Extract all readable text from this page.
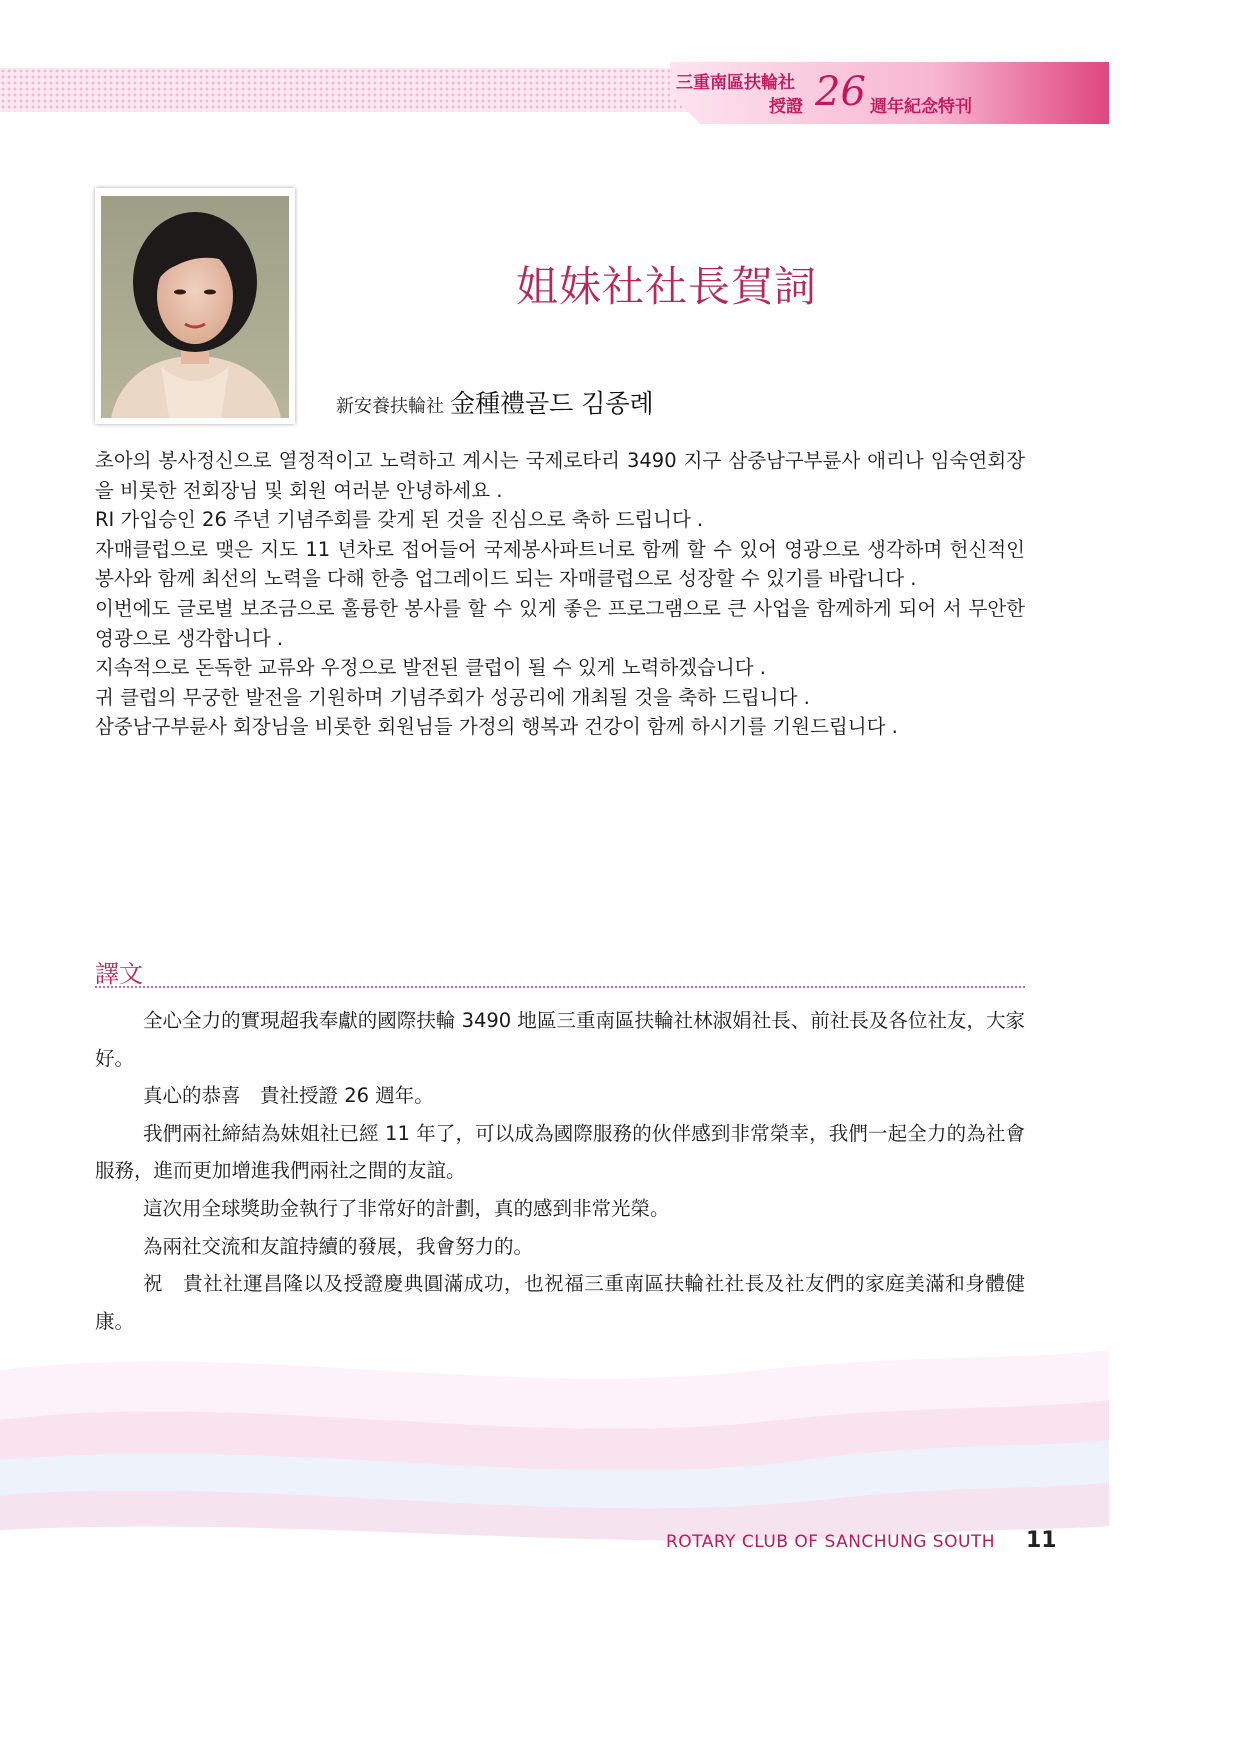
三重南區扶輪社
授證 26 週年紀念特刊
姐妹社社長賀詞
新安養扶輪社 金種禮골드 김종례

초아의 봉사정신으로 열정적이고 노력하고 계시는 국제로타리 3490 지구 삼중남구부륜사 애리나 임숙연회장을 비롯한 전회장님 및 회원 여러분 안녕하세요 .

RI 가입승인 26 주년 기념주회를 갖게 된 것을 진심으로 축하 드립니다 .

자매클럽으로 맺은 지도 11 년차로 접어들어 국제봉사파트너로 함께 할 수 있어 영광으로 생각하며 헌신적인 봉사와 함께 최선의 노력을 다해 한층 업그레이드 되는 자매클럽으로 성장할 수 있기를 바랍니다 .

이번에도 글로벌 보조금으로 훌륭한 봉사를 할 수 있게 좋은 프로그램으로 큰 사업을 함께하게 되어 서 무안한 영광으로 생각합니다 .

지속적으로 돈독한 교류와 우정으로 발전된 클럽이 될 수 있게 노력하겠습니다 .

귀 클럽의 무궁한 발전을 기원하며 기념주회가 성공리에 개최될 것을 축하 드립니다 .

삼중남구부륜사 회장님을 비롯한 회원님들 가정의 행복과 건강이 함께 하시기를 기원드립니다 .

譯文

全心全力的實現超我奉獻的國際扶輪 3490 地區三重南區扶輪社林淑娟社長、前社長及各位社友，大家好。

真心的恭喜　貴社授證 26 週年。

我們兩社締結為妹姐社已經 11 年了，可以成為國際服務的伙伴感到非常榮幸，我們一起全力的為社會服務，進而更加增進我們兩社之間的友誼。

這次用全球獎助金執行了非常好的計劃，真的感到非常光榮。

為兩社交流和友誼持續的發展，我會努力的。

祝　貴社社運昌隆以及授證慶典圓滿成功，也祝福三重南區扶輪社社長及社友們的家庭美滿和身體健康。

ROTARY CLUB OF SANCHUNG SOUTH 11
